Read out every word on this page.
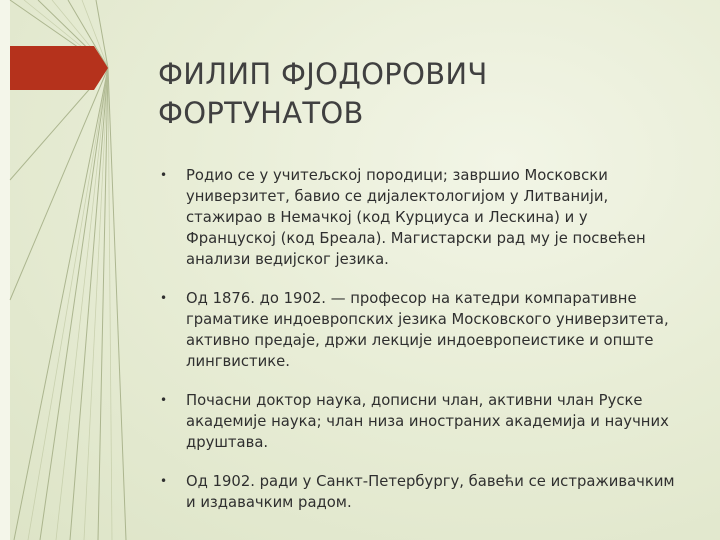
ФИЛИП ФЈОДОРОВИЧ
ФОРТУНАТОВ
• Родио се у учитељској породици; завршио Московски универзитет, бавио се дијалектологијом у Литванији, стажирао в Немачкој (код Курциуса и Лескина) и у Француској (код Бреала). Магистарски рад му је посвећен анализи ведијског језика.
• Од 1876. до 1902. — професор на катедри компаративне граматике индоевропских језика Московского универзитета, активно предаје, држи лекције индоевропеистике и опште лингвистике.
• Почасни доктор наука, дописни члан, активни члан Руске академије наука; члан низа иностраних академија и научних друштава.
• Од 1902. ради у Санкт-Петербургу, бавећи се истраживачким и издавачким радом.
